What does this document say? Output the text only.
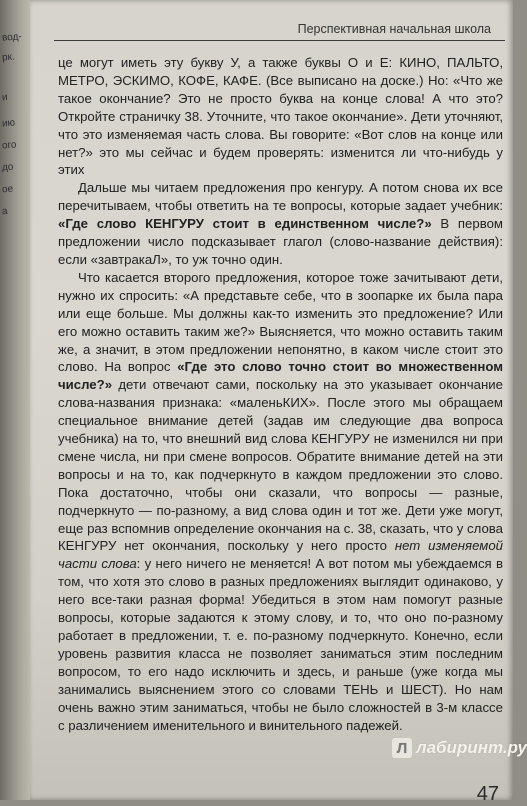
вод-
рк.
и
ию
ого
до
ое
а
Перспективная начальная школа

це могут иметь эту букву У, а также буквы О и Е: КИНО, ПАЛЬТО, МЕТРО, ЭСКИМО, КОФЕ, КАФЕ. (Все выписано на доске.) Но: «Что же такое окончание? Это не просто буква на конце слова! А что это? Откройте страничку 38. Уточните, что такое окончание». Дети уточняют, что это изменяемая часть слова. Вы говорите: «Вот слов на конце или нет?» это мы сейчас и будем проверять: изменится ли что-нибудь у этих

Дальше мы читаем предложения про кенгуру. А потом снова их все перечитываем, чтобы ответить на те вопросы, которые задает учебник: «Где слово КЕНГУРУ стоит в единственном числе?» В первом предложении число подсказывает глагол (слово-название действия): если «завтракаЛ», то уж точно один.

Что касается второго предложения, которое тоже зачитывают дети, нужно их спросить: «А представьте себе, что в зоопарке их была пара или еще больше. Мы должны как-то изменить это предложение? Или его можно оставить таким же?» Выясняется, что можно оставить таким же, а значит, в этом предложении непонятно, в каком числе стоит это слово. На вопрос «Где это слово точно стоит во множественном числе?» дети отвечают сами, поскольку на это указывает окончание слова-названия признака: «маленьКИХ». После этого мы обращаем специальное внимание детей (задав им следующие два вопроса учебника) на то, что внешний вид слова КЕНГУРУ не изменился ни при смене числа, ни при смене вопросов. Обратите внимание детей на эти вопросы и на то, как подчеркнуто в каждом предложении это слово. Пока достаточно, чтобы они сказали, что вопросы — разные, подчеркнуто — по-разному, а вид слова один и тот же. Дети уже могут, еще раз вспомнив определение окончания на с. 38, сказать, что у слова КЕНГУРУ нет окончания, поскольку у него просто нет изменяемой части слова: у него ничего не меняется! А вот потом мы убеждаемся в том, что хотя это слово в разных предложениях выглядит одинаково, у него все-таки разная форма! Убедиться в этом нам помогут разные вопросы, которые задаются к этому слову, и то, что оно по-разному работает в предложении, т. е. по-разному подчеркнуто. Конечно, если уровень развития класса не позволяет заниматься этим последним вопросом, то его надо исключить и здесь, и раньше (уже когда мы занимались выяснением этого со словами ТЕНЬ и ШЕСТ). Но нам очень важно этим заниматься, чтобы не было сложностей в 3-м классе с различением именительного и винительного падежей.

Л лабиринт.ру
47
